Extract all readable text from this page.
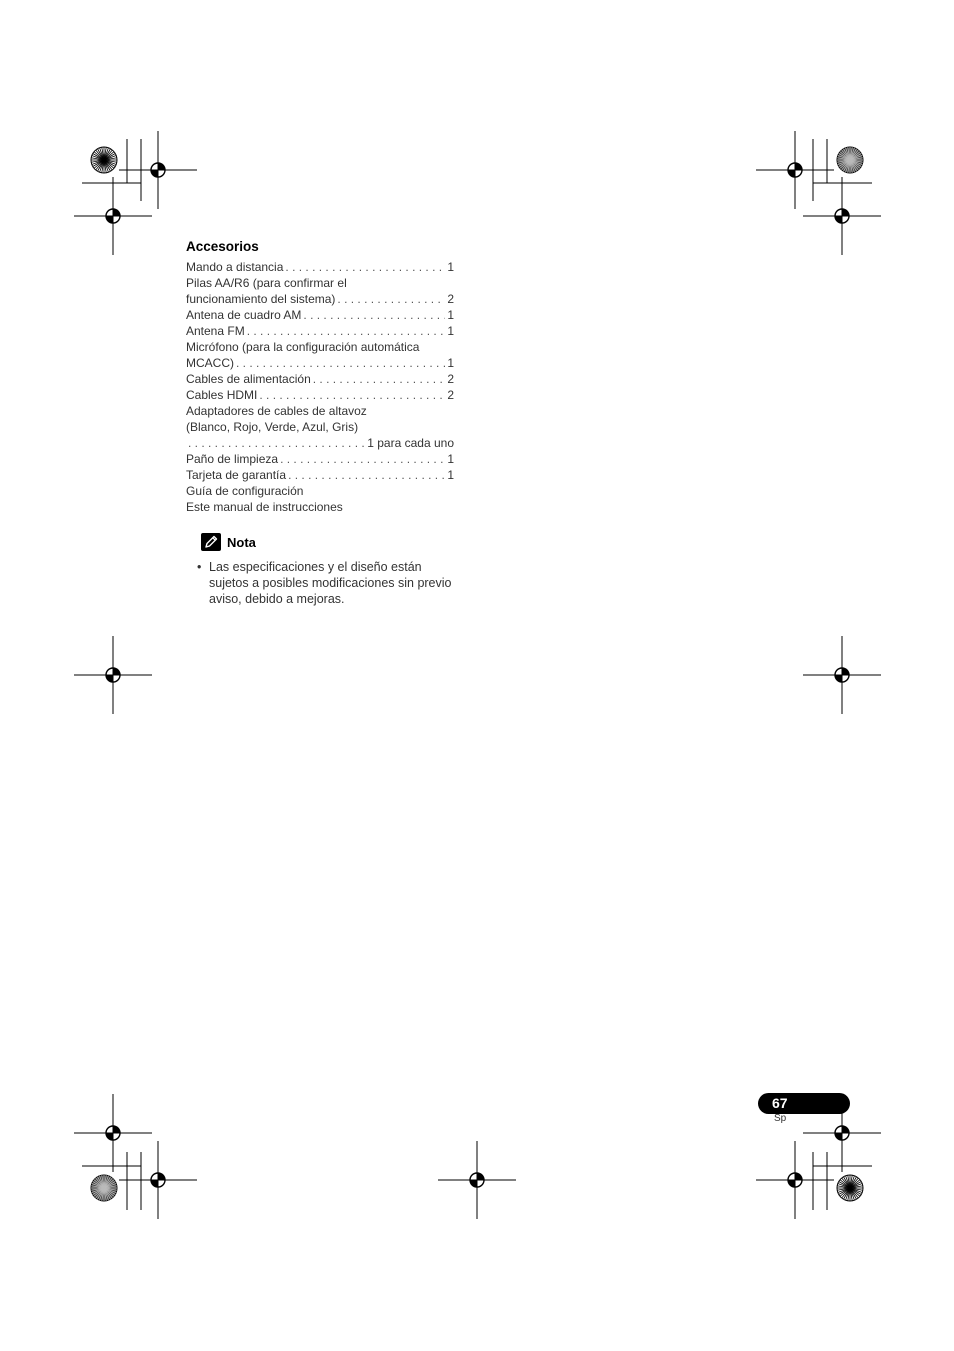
Accesorios
Mando a distancia . . .	1
Pilas AA/R6 (para confirmar el
funcionamiento del sistema) . . .	2
Antena de cuadro AM . . .	1
Antena FM . . .	1
Micrófono (para la configuración automática
MCACC) . . .	1
Cables de alimentación . . .	2
Cables HDMI . . .	2
Adaptadores de cables de altavoz
(Blanco, Rojo, Verde, Azul, Gris)
. . .
1 para cada uno
Paño de limpieza . . .	1
Tarjeta de garantía . . .	1
Guía de configuración
Este manual de instrucciones
Nota
• Las especificaciones y el diseño están sujetos a posibles modificaciones sin previo aviso, debido a mejoras.
67
Sp
